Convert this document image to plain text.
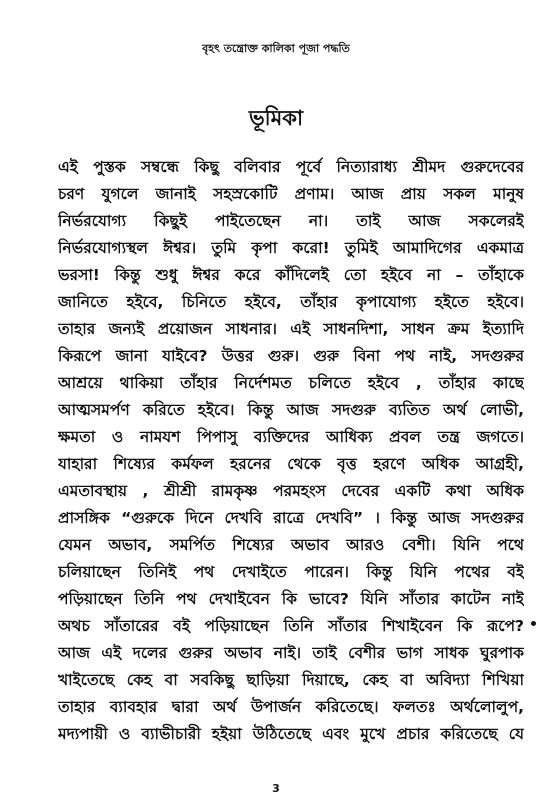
বৃহৎ তন্ত্রোক্ত কালিকা পূজা পদ্ধতি
ভূমিকা
এই পুস্তক সম্বন্ধে কিছু বলিবার পূর্বে নিত্যারাধ্য শ্রীমদ গুরুদেবের
চরণ যুগলে জানাই সহস্রকোটি প্রণাম। আজ প্রায় সকল মানুষ
নির্ভরযোগ্য কিছুই পাইতেছেন না। তাই আজ সকলেরই
নির্ভরযোগ্যস্থল ঈশ্বর। তুমি কৃপা করো! তুমিই আমাদিগের একমাত্র
ভরসা! কিন্তু শুধু ঈশ্বর করে কাঁদিলেই তো হইবে না – তাঁহাকে
জানিতে হইবে, চিনিতে হইবে, তাঁহার কৃপাযোগ্য হইতে হইবে।
তাহার জন্যই প্রয়োজন সাধনার। এই সাধনদিশা, সাধন ক্রম ইত্যাদি
কিরূপে জানা যাইবে? উত্তর গুরু। গুরু বিনা পথ নাই, সদগুরুর
আশ্রয়ে থাকিয়া তাঁহার নির্দেশমত চলিতে হইবে , তাঁহার কাছে
আত্মসমর্পণ করিতে হইবে। কিন্তু আজ সদগুরু ব্যতিত অর্থ লোভী,
ক্ষমতা ও নামযশ পিপাসু ব্যক্তিদের আধিক্য প্রবল তন্ত্র জগতে।
যাহারা শিষ্যের কর্মফল হরনের থেকে বৃত্ত হরণে অধিক আগ্রহী,
এমতাবস্থায় , শ্রীশ্রী রামকৃষ্ণ পরমহংস দেবের একটি কথা অধিক
প্রাসঙ্গিক “গুরুকে দিনে দেখবি রাত্রে দেখবি” । কিন্তু আজ সদগুরুর
যেমন অভাব, সমর্পিত শিষ্যের অভাব আরও বেশী। যিনি পথে
চলিয়াছেন তিনিই পথ দেখাইতে পারেন। কিন্তু যিনি পথের বই
পড়িয়াছেন তিনি পথ দেখাইবেন কি ভাবে? যিনি সাঁতার কাটেন নাই
অথচ সাঁতারের বই পড়িয়াছেন তিনি সাঁতার শিখাইবেন কি রূপে?
আজ এই দলের গুরুর অভাব নাই। তাই বেশীর ভাগ সাধক ঘুরপাক
খাইতেছে কেহ বা সবকিছু ছাড়িয়া দিয়াছে, কেহ বা অবিদ্যা শিখিয়া
তাহার ব্যাবহার দ্বারা অর্থ উপার্জন করিতেছে। ফলতঃ অর্থলোলুপ,
মদ্যপায়ী ও ব্যাভীচারী হইয়া উঠিতেছে এবং মুখে প্রচার করিতেছে যে
3
